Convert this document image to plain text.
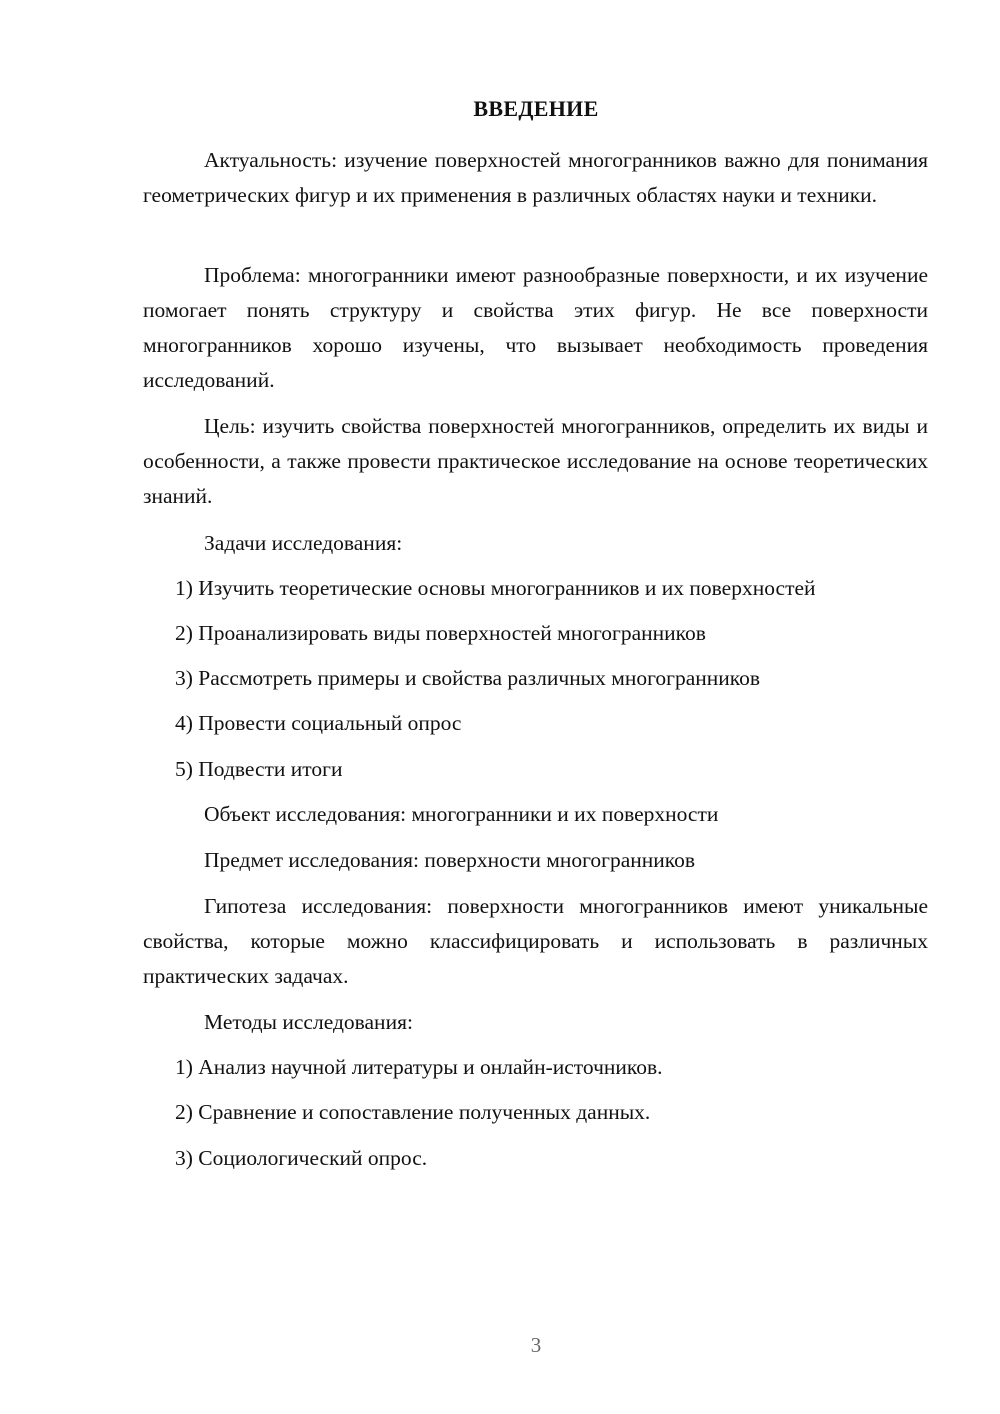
ВВЕДЕНИЕ

Актуальность: изучение поверхностей многогранников важно для понимания геометрических фигур и их применения в различных областях науки и техники.

Проблема: многогранники имеют разнообразные поверхности, и их изучение помогает понять структуру и свойства этих фигур. Не все поверхности многогранников хорошо изучены, что вызывает необходимость проведения исследований.

Цель: изучить свойства поверхностей многогранников, определить их виды и особенности, а также провести практическое исследование на основе теоретических знаний.

Задачи исследования:
1) Изучить теоретические основы многогранников и их поверхностей
2) Проанализировать виды поверхностей многогранников
3) Рассмотреть примеры и свойства различных многогранников
4) Провести социальный опрос
5) Подвести итоги
Объект исследования: многогранники и их поверхности
Предмет исследования: поверхности многогранников

Гипотеза исследования: поверхности многогранников имеют уникальные свойства, которые можно классифицировать и использовать в различных практических задачах.

Методы исследования:
1) Анализ научной литературы и онлайн-источников.
2) Сравнение и сопоставление полученных данных.
3) Социологический опрос.
3
